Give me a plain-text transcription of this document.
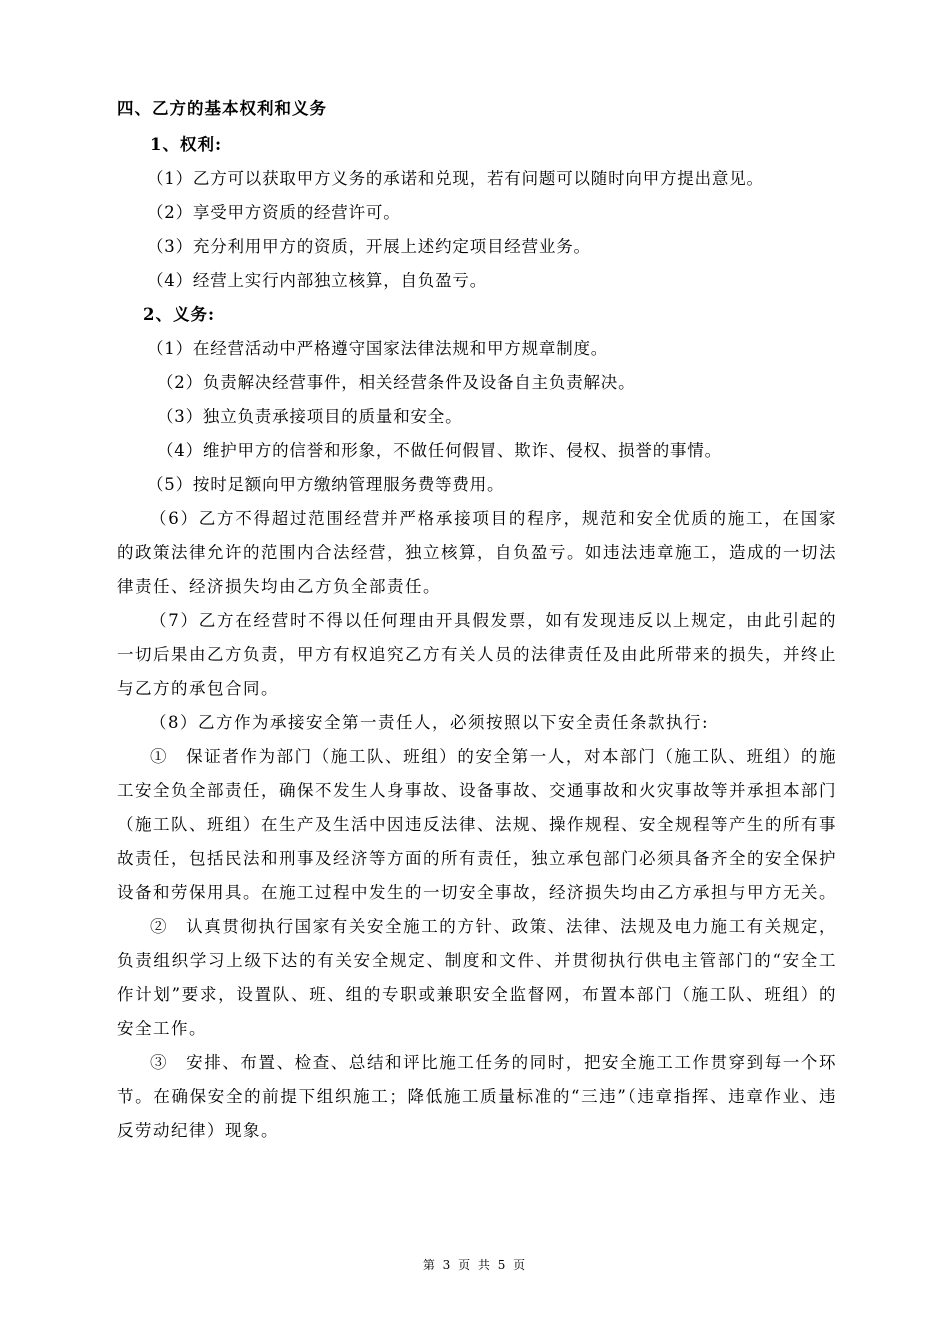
四、乙方的基本权利和义务

1、权利:

（1）乙方可以获取甲方义务的承诺和兑现，若有问题可以随时向甲方提出意见。

（2）享受甲方资质的经营许可。

（3）充分利用甲方的资质，开展上述约定项目经营业务。

（4）经营上实行内部独立核算，自负盈亏。

2、义务:

（1）在经营活动中严格遵守国家法律法规和甲方规章制度。

（2）负责解决经营事件，相关经营条件及设备自主负责解决。

（3）独立负责承接项目的质量和安全。

（4）维护甲方的信誉和形象，不做任何假冒、欺诈、侵权、损誉的事情。

（5）按时足额向甲方缴纳管理服务费等费用。

（6）乙方不得超过范围经营并严格承接项目的程序，规范和安全优质的施工，在国家的政策法律允许的范围内合法经营，独立核算，自负盈亏。如违法违章施工，造成的一切法律责任、经济损失均由乙方负全部责任。

（7）乙方在经营时不得以任何理由开具假发票，如有发现违反以上规定，由此引起的一切后果由乙方负责，甲方有权追究乙方有关人员的法律责任及由此所带来的损失，并终止与乙方的承包合同。

（8）乙方作为承接安全第一责任人，必须按照以下安全责任条款执行:

①　保证者作为部门（施工队、班组）的安全第一人，对本部门（施工队、班组）的施工安全负全部责任，确保不发生人身事故、设备事故、交通事故和火灾事故等并承担本部门（施工队、班组）在生产及生活中因违反法律、法规、操作规程、安全规程等产生的所有事故责任，包括民法和刑事及经济等方面的所有责任，独立承包部门必须具备齐全的安全保护设备和劳保用具。在施工过程中发生的一切安全事故，经济损失均由乙方承担与甲方无关。

②　认真贯彻执行国家有关安全施工的方针、政策、法律、法规及电力施工有关规定，负责组织学习上级下达的有关安全规定、制度和文件、并贯彻执行供电主管部门的“安全工作计划”要求，设置队、班、组的专职或兼职安全监督网，布置本部门（施工队、班组）的安全工作。

③　安排、布置、检查、总结和评比施工任务的同时，把安全施工工作贯穿到每一个环节。在确保安全的前提下组织施工；降低施工质量标准的“三违”（违章指挥、违章作业、违反劳动纪律）现象。

第 3 页 共 5 页
